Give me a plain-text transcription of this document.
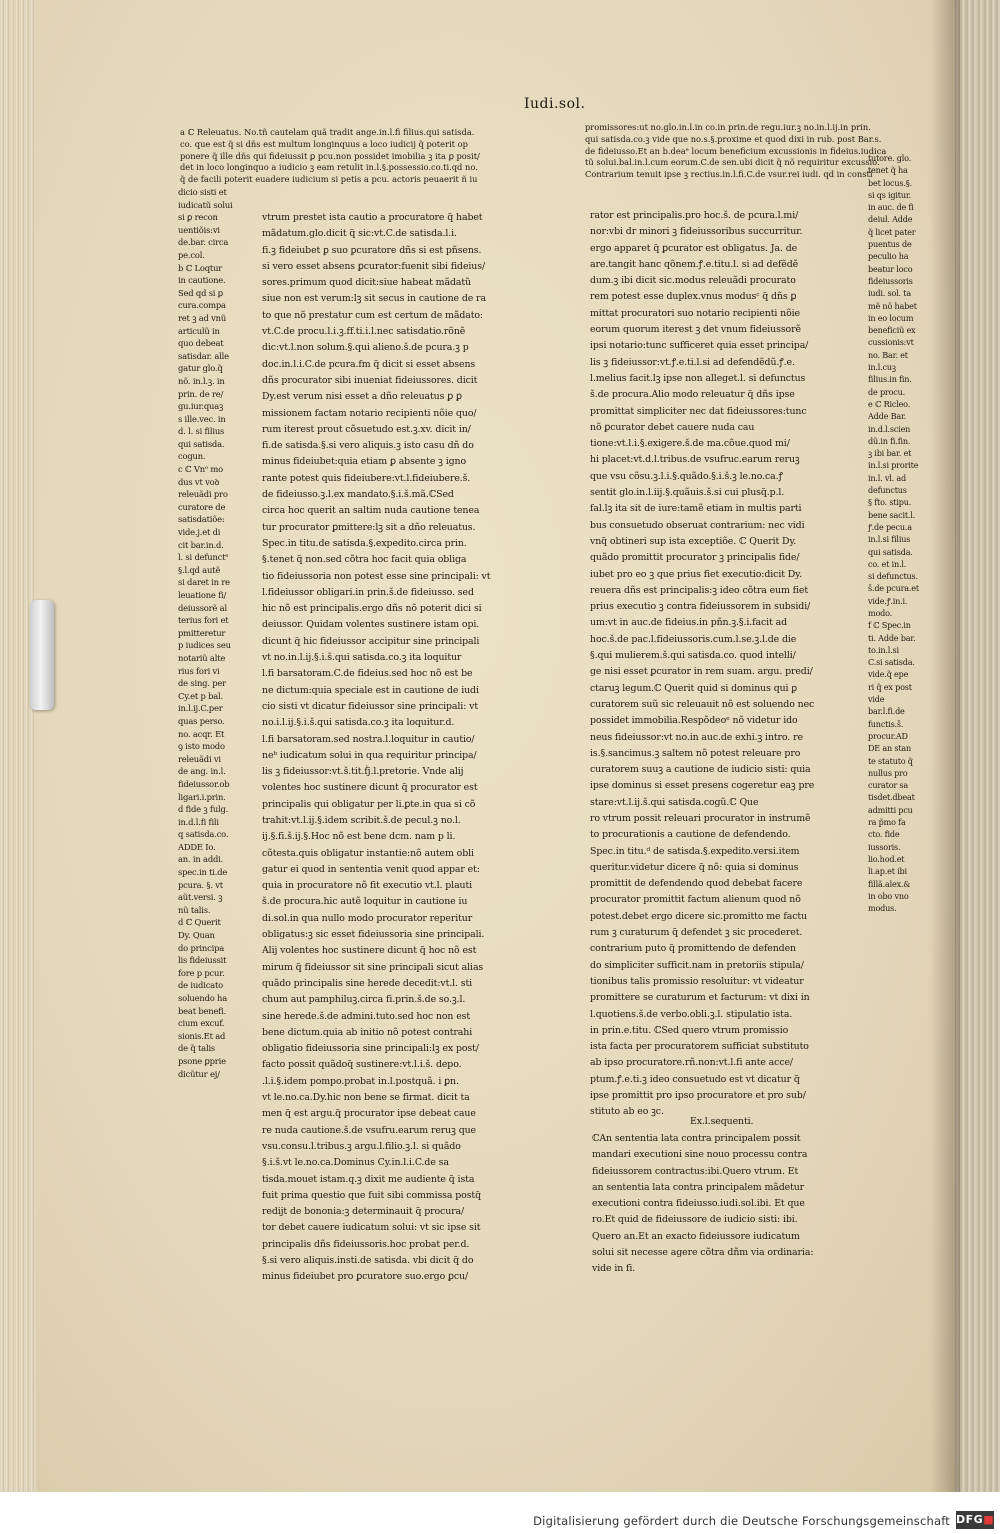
Iudi.sol.
a ℂ Releuatus. No.tñ cautelam quã tradit ange.in.l.fi filius.qui satisda.
co. que est q̃ si dñs est multum longinquus a loco iudicij q̃ poterit op
ponere q̃ ille dñs qui fideiussit ꝑ pcu.non possidet imobilia ꝫ ita ꝑ posit/
det in loco longinquo a iudicio ꝫ eam retulit in.l.§.possessio.co.ti.qd no.
q̃ de facili poterit euadere iudicium si petis a pcu. actoris peuaerit ñ iu
promissores:ut no.glo.in.l.in co.in prin.de regu.iur.ꝫ no.in.l.ij.in prin.
qui satisda.co.ꝫ vide que no.s.§.proxime et quod dixi in rub. post Bar.s.
de fideiusso.Et an b.deaᵉ locum beneficium excussionis in fideius.iudica
tũ solui.bal.in.l.cum eorum.C.de sen.ubi dicit q̃ nõ requiritur excussio.
Contrarium tenuit ipse ꝫ rectius.in.l.fi.C.de vsur.rei iudi. qd in consti
dicio sisti et
iudicatũ solui
si ꝑ recon
uentiõis:vi
de.bar. circa
pe.col.
b ℂ Loqtur
in cautione.
Sed qd si ꝑ
cura.compa
ret ꝫ ad vnũ
articulũ in
quo debeat
satisdar. alle
gatur glo.q̃
nõ. in.l.ꝫ. in
prin. de re/
gu.iur.quaꝫ
s ille.vec. in
d. l. si filius
qui satisda.
cogun.
c ℂ Vnᵒ mo
dus vt voꝺ
releuãdi pro
curatore de
satisdatiõe:
vide.j.et di
cit bar.in.d.
l. si defunctᵉ
§.l.qd autẽ
si daret in re
leuatione fi/
deiussorẽ al
terius fori et
pmitteretur
p iudices seu
notariũ alte
rius fori vi
de sing. per
Cy.et p bal.
in.l.ij.C.per
quas perso.
no. acqr. Et
ꝯ isto modo
releuãdi vi
de ang. in.l.
fideiussor.ob
ligari.i.prin.
d fide ꝫ fulg.
in.d.l.fi fili
q satisda.co.
ADDE Io.
an. in addi.
spec.in ti.de
pcura. §. vt
aũt.versi. ꝫ
nũ talis.
d ℂ Querit
Dy. Quan
do principa
lis fideiussit
fore p pcur.
de iudicato
soluendo ha
beat benefi.
cium excuf.
sionis.Et ad
de q̃ talis
psone ꝑprie
dicũtur ej/
vtrum prestet ista cautio a procuratore q̃ habet
mãdatum.glo.dicit q̃ sic:vt.C.de satisda.l.i.
fi.ꝫ fideiubet ꝑ suo ꝑcuratore dñs si est pñsens.
si vero esset absens ꝑcurator:fuenit sibi fideius/
sores.primum quod dicit:siue habeat mãdatũ
siue non est verum:lꝫ sit secus in cautione de ra
to que nõ prestatur cum est certum de mãdato:
vt.C.de procu.l.i.ꝫ.ff.ti.i.l.nec satisdatio.rõnẽ
dic:vt.l.non solum.§.qui alieno.š.de pcura.ꝫ p
doc.in.l.i.C.de pcura.fm q̃ dicit si esset absens
dñs procurator sibi inueniat fideiussores. dicit
Dy.est verum nisi esset a dño releuatus ꝑ ꝑ
missionem factam notario recipienti nõie quo/
rum iterest prout cõsuetudo est.ꝫ.xv. dicit in/
fi.de satisda.§.si vero aliquis.ꝫ isto casu dñ do
minus fideiubet:quia etiam ꝑ absente ꝫ igno
rante potest quis fideiubere:vt.l.fideiubere.š.
de fideiusso.ꝫ.l.ex mandato.§.i.š.mã.ℂSed
circa hoc querit an saltim nuda cautione tenea
tur procurator ꝑmittere:lꝫ sit a dño releuatus.
Spec.in titu.de satisda.§.expedito.circa prin.
§.tenet q̃ non.sed cõtra hoc facit quia obliga
tio fideiussoria non potest esse sine principali: vt
l.fideiussor obligari.in prin.š.de fideiusso. sed
hic nõ est principalis.ergo dñs nõ poterit dici si
deiussor. Quidam volentes sustinere istam opi.
dicunt q̃ hic fideiussor accipitur sine principali
vt no.in.l.ij.§.i.š.qui satisda.co.ꝫ ita loquitur
l.fi barsatoram.C.de fideius.sed hoc nõ est be
ne dictum:quia speciale est in cautione de iudi
cio sisti vt dicatur fideiussor sine principali: vt
no.i.l.ij.§.i.š.qui satisda.co.ꝫ ita loquitur.d.
l.fi barsatoram.sed nostra.l.loquitur in cautio/
neᵇ iudicatum solui in qua requiritur principa/
lis ꝫ fideiussor:vt.š.tit.ḟj.l.pretorie. Vnde alij
volentes hoc sustinere dicunt q̃ procurator est
principalis qui obligatur per li.ꝑte.in qua si cõ
trahit:vt.l.ij.§.idem scribit.š.de pecul.ꝫ no.l.
ij.§.fi.š.ij.§.Hoc nõ est bene dcm. nam p li.
cõtesta.quis obligatur instantie:nõ autem obli
gatur ei quod in sententia venit quod appar et:
quia in procuratore nõ fit executio vt.l. plauti
š.de procura.hic autẽ loquitur in cautione iu
di.sol.in qua nullo modo procurator reperitur
obligatus:ꝫ sic esset fideiussoria sine principali.
Alij volentes hoc sustinere dicunt q̃ hoc nõ est
mirum q̃ fideiussor sit sine principali sicut alias
quãdo principalis sine herede decedit:vt.l. sti
chum aut pamphiluꝫ.circa fi.prin.š.de so.ꝫ.l.
sine herede.š.de admini.tuto.sed hoc non est
bene dictum.quia ab initio nõ potest contrahi
obligatio fideiussoria sine principali:lꝫ ex post/
facto possit quãdoq̃ sustinere:vt.l.i.š. depo.
.l.i.§.idem pompo.probat in.l.postquã. i ꝑn.
vt le.no.ca.Dy.hic non bene se firmat. dicit ta
men q̃ est argu.q̃ procurator ipse debeat caue
re nuda cautione.š.de vsufru.earum reruꝫ que
vsu.consu.l.tribus.ꝫ argu.l.filio.ꝫ.l. si quãdo
§.i.š.vt le.no.ca.Dominus Cy.in.l.i.C.de sa
tisda.mouet istam.q.ꝫ dixit me audiente q̃ ista
fuit prima questio que fuit sibi commissa postq̃
redijt de bononia:ꝫ determinauit q̃ procura/
tor debet cauere iudicatum solui: vt sic ipse sit
principalis dñs fideiussoris.hoc probat per.d.
§.si vero aliquis.insti.de satisda. vbi dicit q̃ do
minus fideiubet pro ꝑcuratore suo.ergo ꝑcu/
rator est principalis.pro hoc.š. de pcura.l.mi/
nor:vbi dr minori ꝫ fideiussoribus succurritur.
ergo apparet q̃ ꝑcurator est obligatus. Ja. de
are.tangit hanc qõnem.ꝭ.e.titu.l. si ad defẽdẽ
dum.ꝫ ibi dicit sic.modus releuãdi procurato
rem potest esse duplex.vnus modusᶜ q̃ dñs ꝑ
mittat procuratori suo notario recipienti nõie
eorum quorum iterest ꝫ det vnum fideiussorẽ
ipsi notario:tunc sufficeret quia esset principa/
lis ꝫ fideiussor:vt.ꝭ.e.ti.l.si ad defendẽdũ.ꝭ.e.
l.melius facit.lꝫ ipse non alleget.l. si defunctus
š.de procura.Alio modo releuatur q̃ dñs ipse
promittat simpliciter nec dat fideiussores:tunc
nõ ꝑcurator debet cauere nuda cau
tione:vt.l.i.§.exigere.š.de ma.cõue.quod mi/
hi placet:vt.d.l.tribus.de vsufruc.earum reruꝫ
que vsu cõsu.ꝫ.l.i.§.quãdo.§.i.š.ꝫ le.no.ca.ꝭ
sentit glo.in.l.iij.§.quãuis.š.si cui plusq̃.p.l.
fal.lꝫ ita sit de iure:tamẽ etiam in multis parti
bus consuetudo obseruat contrarium: nec vidi
vnq̃ obtineri sup ista exceptiõe. ℂ Querit Dy.
quãdo promittit procurator ꝫ principalis fide/
iubet pro eo ꝫ que prius fiet executio:dicit Dy.
reuera dñs est principalis:ꝫ ideo cõtra eum fiet
prius executio ꝫ contra fideiussorem in subsidi/
um:vt in auc.de fideius.in pñn.ꝫ.§.i.facit ad
hoc.š.de pac.l.fideiussoris.cum.l.se.ꝫ.l.de die
§.qui mulierem.š.qui satisda.co. quod intelli/
ge nisi esset ꝑcurator in rem suam. argu. predi/
ctaruꝫ legum.ℂ Querit quid si dominus qui ꝑ
curatorem suũ sic releuauit nõ est soluendo nec
possidet immobilia.Respõdeoᵉ nõ videtur ido
neus fideiussor:vt no.in auc.de exhi.ꝫ intro. re
is.§.sancimus.ꝫ saltem nõ potest releuare pro
curatorem suuꝫ a cautione de iudicio sisti: quia
ipse dominus si esset presens cogeretur eaꝫ pre
stare:vt.l.ij.š.qui satisda.cogũ.ℂ Que
ro vtrum possit releuari procurator in instrumẽ
to procurationis a cautione de defendendo.
Spec.in titu.ᵈ de satisda.§.expedito.versi.item
queritur.videtur dicere q̃ nõ: quia si dominus
promittit de defendendo quod debebat facere
procurator promittit factum alienum quod nõ
potest.debet ergo dicere sic.promitto me factu
rum ꝫ curaturum q̃ defendet ꝫ sic procederet.
contrarium puto q̃ promittendo de defenden
do simpliciter sufficit.nam in pretoriis stipula/
tionibus talis promissio resoluitur: vt videatur
promittere se curaturum et facturum: vt dixi in
l.quotiens.š.de verbo.obli.ꝫ.l. stipulatio ista.
in prin.e.titu. ℂSed quero vtrum promissio
ista facta per procuratorem sufficiat substituto
ab ipso procuratore.rñ.non:vt.l.fi ante acce/
ptum.ꝭ.e.ti.ꝫ ideo consuetudo est vt dicatur q̃
ipse promittit pro ipso procuratore et pro sub/
stituto ab eo ꝫc.
Ex.l.sequenti.
ℂAn sententia lata contra principalem possit
mandari executioni sine nouo processu contra
fideiussorem contractus:ibi.Quero vtrum. Et
an sententia lata contra principalem mãdetur
executioni contra fideiusso.iudi.sol.ibi. Et que
ro.Et quid de fideiussore de iudicio sisti: ibi.
Quero an.Et an exacto fideiussore iudicatum
solui sit necesse agere cõtra dñm via ordinaria:
vide in fi.
tutore. glo.
tenet q̃ ha
bet locus.§.
si qs igitur.
in auc. de fi
deiul. Adde
q̃ licet pater
puentus de
peculio ha
beatur loco
fideiussoris
iudi. sol. ta
mẽ nõ habet
in eo locum
beneficiũ ex
cussionis:vt
no. Bar. et
in.l.cuꝫ
filius.in fin.
de procu.
e ℂ Ricleo.
Adde Bar.
in.d.l.scien
dũ.in fi.fin.
ꝫ ibi bar. et
in.l.si prorite
in.l. vl. ad
defunctus
§ fto. stipu.
bene sacit.l.
ꝭ.de pecu.a
in.l.si filius
qui satisda.
co. et in.l.
si defunctus.
š.de pcura.et
vide.ꝭ.in.i.
modo.
f ℂ Spec.in
ti. Adde bar.
to.in.l.si
C.si satisda.
vide.q̃ epe
ri q̃ ex post
vide
bar.l.fi.de
functis.š.
procur.AD
DE an stan
te statuto q̃
nullus pro
curator sa
tisdet.dbeat
admitti pcu
ra p̃mo fa
cto. fide
iussoris.
lio.hod.et
li.ap.et ibi
fillã.alex.&
in obo vno
modus.
Digitalisierung gefördert durch die Deutsche Forschungsgemeinschaft DFG■
